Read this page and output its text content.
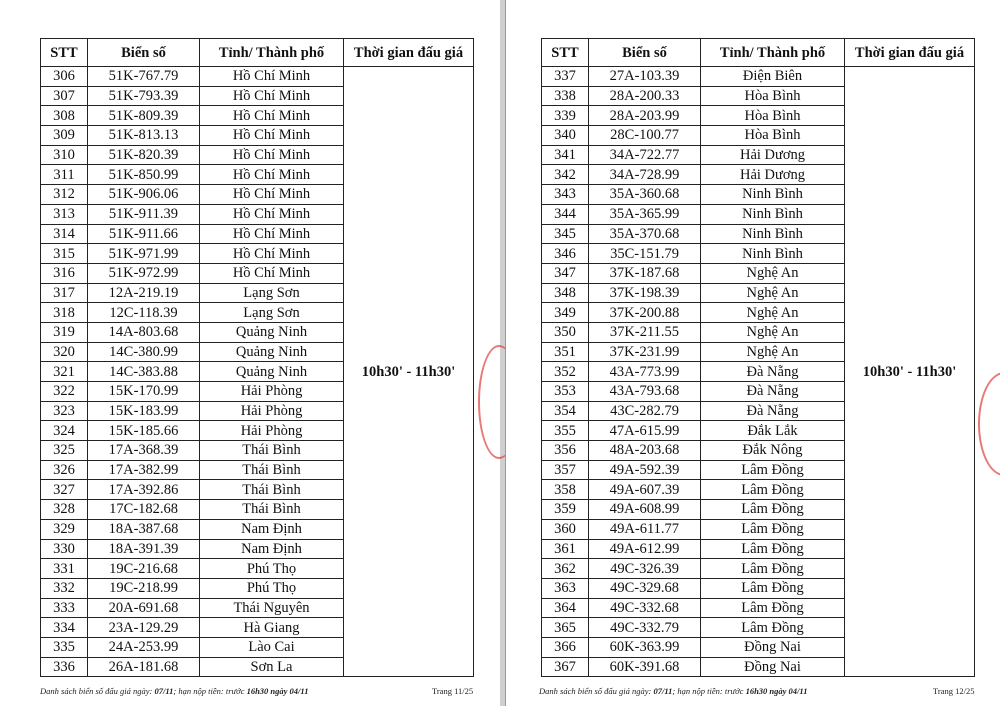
STT	Biển số	Tỉnh/ Thành phố	Thời gian đấu giá
306	51K-767.79	Hồ Chí Minh	10h30' - 11h30'
307	51K-793.39	Hồ Chí Minh	
308	51K-809.39	Hồ Chí Minh	
309	51K-813.13	Hồ Chí Minh	
310	51K-820.39	Hồ Chí Minh	
311	51K-850.99	Hồ Chí Minh	
312	51K-906.06	Hồ Chí Minh	
313	51K-911.39	Hồ Chí Minh	
314	51K-911.66	Hồ Chí Minh	
315	51K-971.99	Hồ Chí Minh	
316	51K-972.99	Hồ Chí Minh	
317	12A-219.19	Lạng Sơn	
318	12C-118.39	Lạng Sơn	
319	14A-803.68	Quảng Ninh	
320	14C-380.99	Quảng Ninh	
321	14C-383.88	Quảng Ninh	
322	15K-170.99	Hải Phòng	
323	15K-183.99	Hải Phòng	
324	15K-185.66	Hải Phòng	
325	17A-368.39	Thái Bình	
326	17A-382.99	Thái Bình	
327	17A-392.86	Thái Bình	
328	17C-182.68	Thái Bình	
329	18A-387.68	Nam Định	
330	18A-391.39	Nam Định	
331	19C-216.68	Phú Thọ	
332	19C-218.99	Phú Thọ	
333	20A-691.68	Thái Nguyên	
334	23A-129.29	Hà Giang	
335	24A-253.99	Lào Cai	
336	26A-181.68	Sơn La	
Danh sách biển số đấu giá ngày: 07/11; hạn nộp tiền: trước 16h30 ngày 04/11	Trang 11/25
STT	Biển số	Tỉnh/ Thành phố	Thời gian đấu giá
337	27A-103.39	Điện Biên	10h30' - 11h30'
338	28A-200.33	Hòa Bình	
339	28A-203.99	Hòa Bình	
340	28C-100.77	Hòa Bình	
341	34A-722.77	Hải Dương	
342	34A-728.99	Hải Dương	
343	35A-360.68	Ninh Bình	
344	35A-365.99	Ninh Bình	
345	35A-370.68	Ninh Bình	
346	35C-151.79	Ninh Bình	
347	37K-187.68	Nghệ An	
348	37K-198.39	Nghệ An	
349	37K-200.88	Nghệ An	
350	37K-211.55	Nghệ An	
351	37K-231.99	Nghệ An	
352	43A-773.99	Đà Nẵng	
353	43A-793.68	Đà Nẵng	
354	43C-282.79	Đà Nẵng	
355	47A-615.99	Đắk Lắk	
356	48A-203.68	Đắk Nông	
357	49A-592.39	Lâm Đồng	
358	49A-607.39	Lâm Đồng	
359	49A-608.99	Lâm Đồng	
360	49A-611.77	Lâm Đồng	
361	49A-612.99	Lâm Đồng	
362	49C-326.39	Lâm Đồng	
363	49C-329.68	Lâm Đồng	
364	49C-332.68	Lâm Đồng	
365	49C-332.79	Lâm Đồng	
366	60K-363.99	Đồng Nai	
367	60K-391.68	Đồng Nai	
Danh sách biển số đấu giá ngày: 07/11; hạn nộp tiền: trước 16h30 ngày 04/11	Trang 12/25
